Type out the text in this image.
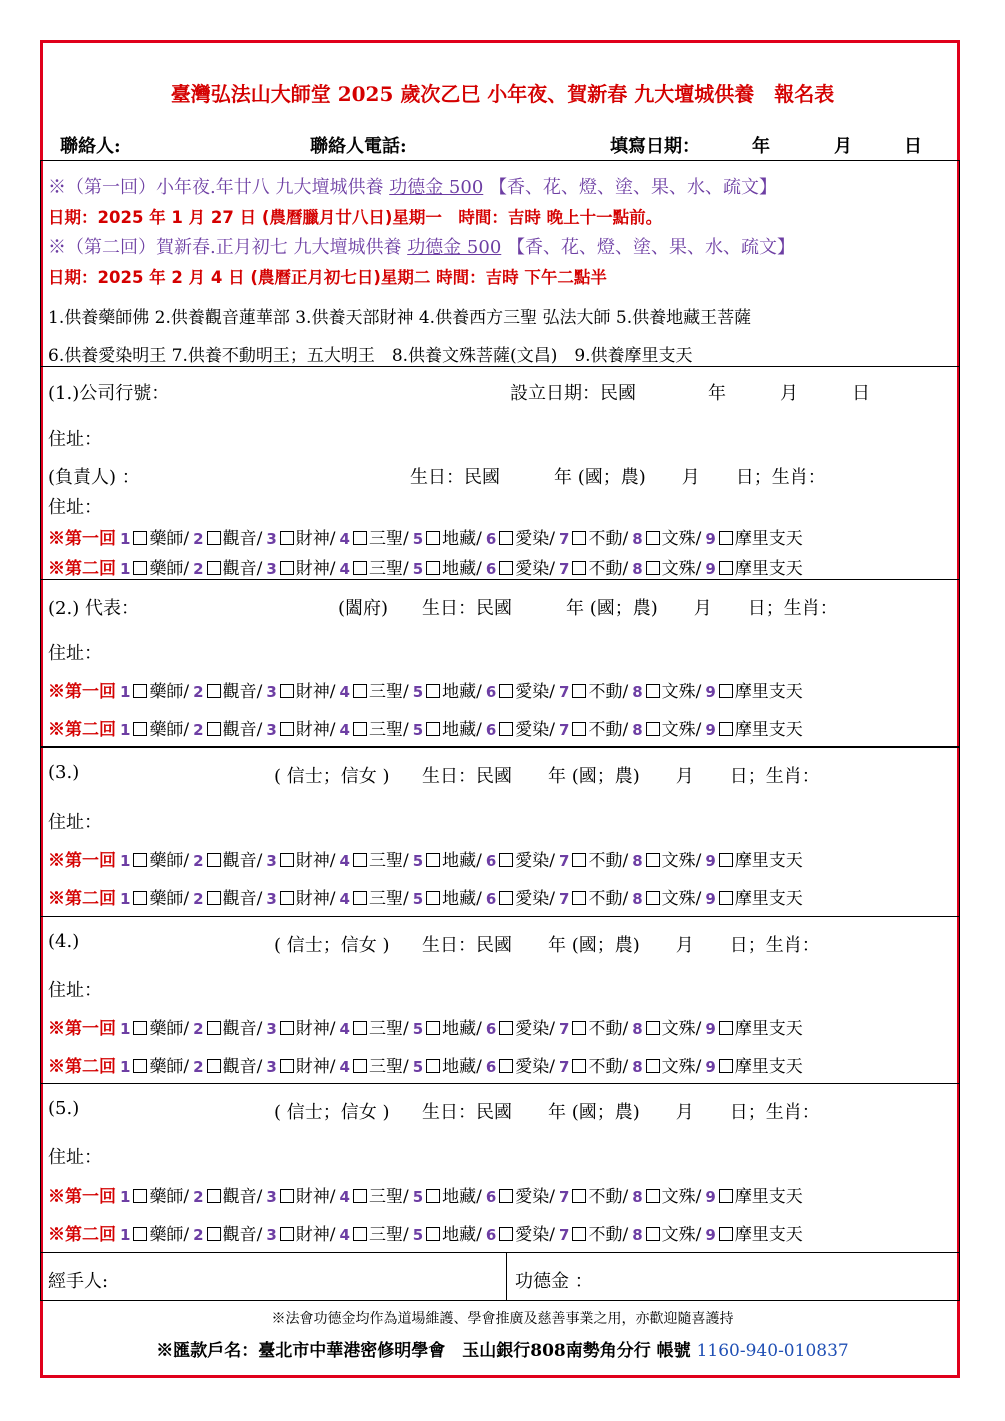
臺灣弘法山大師堂 2025 歲次乙巳 小年夜、賀新春 九大壇城供養　報名表
聯絡人:	聯絡人電話:	填寫日期：	年	月	日
※（第一回）小年夜.年廿八 九大壇城供養 功德金 500 【香、花、燈、塗、果、水、疏文】
日期：2025 年 1 月 27 日 (農曆臘月廿八日)星期一　時間：吉時 晚上十一點前。
※（第二回）賀新春.正月初七 九大壇城供養 功德金 500 【香、花、燈、塗、果、水、疏文】
日期：2025 年 2 月 4 日 (農曆正月初七日)星期二 時間：吉時 下午二點半
1.供養藥師佛 2.供養觀音蓮華部 3.供養天部財神 4.供養西方三聖 弘法大師 5.供養地藏王菩薩
6.供養愛染明王 7.供養不動明王；五大明王　8.供養文殊菩薩(文昌)　9.供養摩里支天
(1.)公司行號：	設立日期：民國　　　　年　　　月　　　日
住址：
(負責人) ：	生日：民國　　　年 (國；農)　　月　　日；生肖：
住址：
※第一回 1 藥師/ 2 觀音/ 3 財神/ 4 三聖/ 5 地藏/ 6 愛染/ 7 不動/ 8 文殊/ 9 摩里支天
※第二回 1 藥師/ 2 觀音/ 3 財神/ 4 三聖/ 5 地藏/ 6 愛染/ 7 不動/ 8 文殊/ 9 摩里支天
(2.) 代表：	(闔府) 生日：民國　　　年 (國；農)　　月　　日；生肖：
住址：
※第一回 1 藥師/ 2 觀音/ 3 財神/ 4 三聖/ 5 地藏/ 6 愛染/ 7 不動/ 8 文殊/ 9 摩里支天
※第二回 1 藥師/ 2 觀音/ 3 財神/ 4 三聖/ 5 地藏/ 6 愛染/ 7 不動/ 8 文殊/ 9 摩里支天
(3.)	( 信士；信女 ) 生日：民國　　年 (國；農)　　月　　日；生肖：
住址：
※第一回 1 藥師/ 2 觀音/ 3 財神/ 4 三聖/ 5 地藏/ 6 愛染/ 7 不動/ 8 文殊/ 9 摩里支天
※第二回 1 藥師/ 2 觀音/ 3 財神/ 4 三聖/ 5 地藏/ 6 愛染/ 7 不動/ 8 文殊/ 9 摩里支天
(4.)	( 信士；信女 ) 生日：民國　　年 (國；農)　　月　　日；生肖：
住址：
※第一回 1 藥師/ 2 觀音/ 3 財神/ 4 三聖/ 5 地藏/ 6 愛染/ 7 不動/ 8 文殊/ 9 摩里支天
※第二回 1 藥師/ 2 觀音/ 3 財神/ 4 三聖/ 5 地藏/ 6 愛染/ 7 不動/ 8 文殊/ 9 摩里支天
(5.)	( 信士；信女 ) 生日：民國　　年 (國；農)　　月　　日；生肖：
住址：
※第一回 1 藥師/ 2 觀音/ 3 財神/ 4 三聖/ 5 地藏/ 6 愛染/ 7 不動/ 8 文殊/ 9 摩里支天
※第二回 1 藥師/ 2 觀音/ 3 財神/ 4 三聖/ 5 地藏/ 6 愛染/ 7 不動/ 8 文殊/ 9 摩里支天
經手人:	功德金 ：
※法會功德金均作為道場維護、學會推廣及慈善事業之用，亦歡迎隨喜護持
※匯款戶名：臺北市中華港密修明學會　玉山銀行808南勢角分行 帳號 1160-940-010837
